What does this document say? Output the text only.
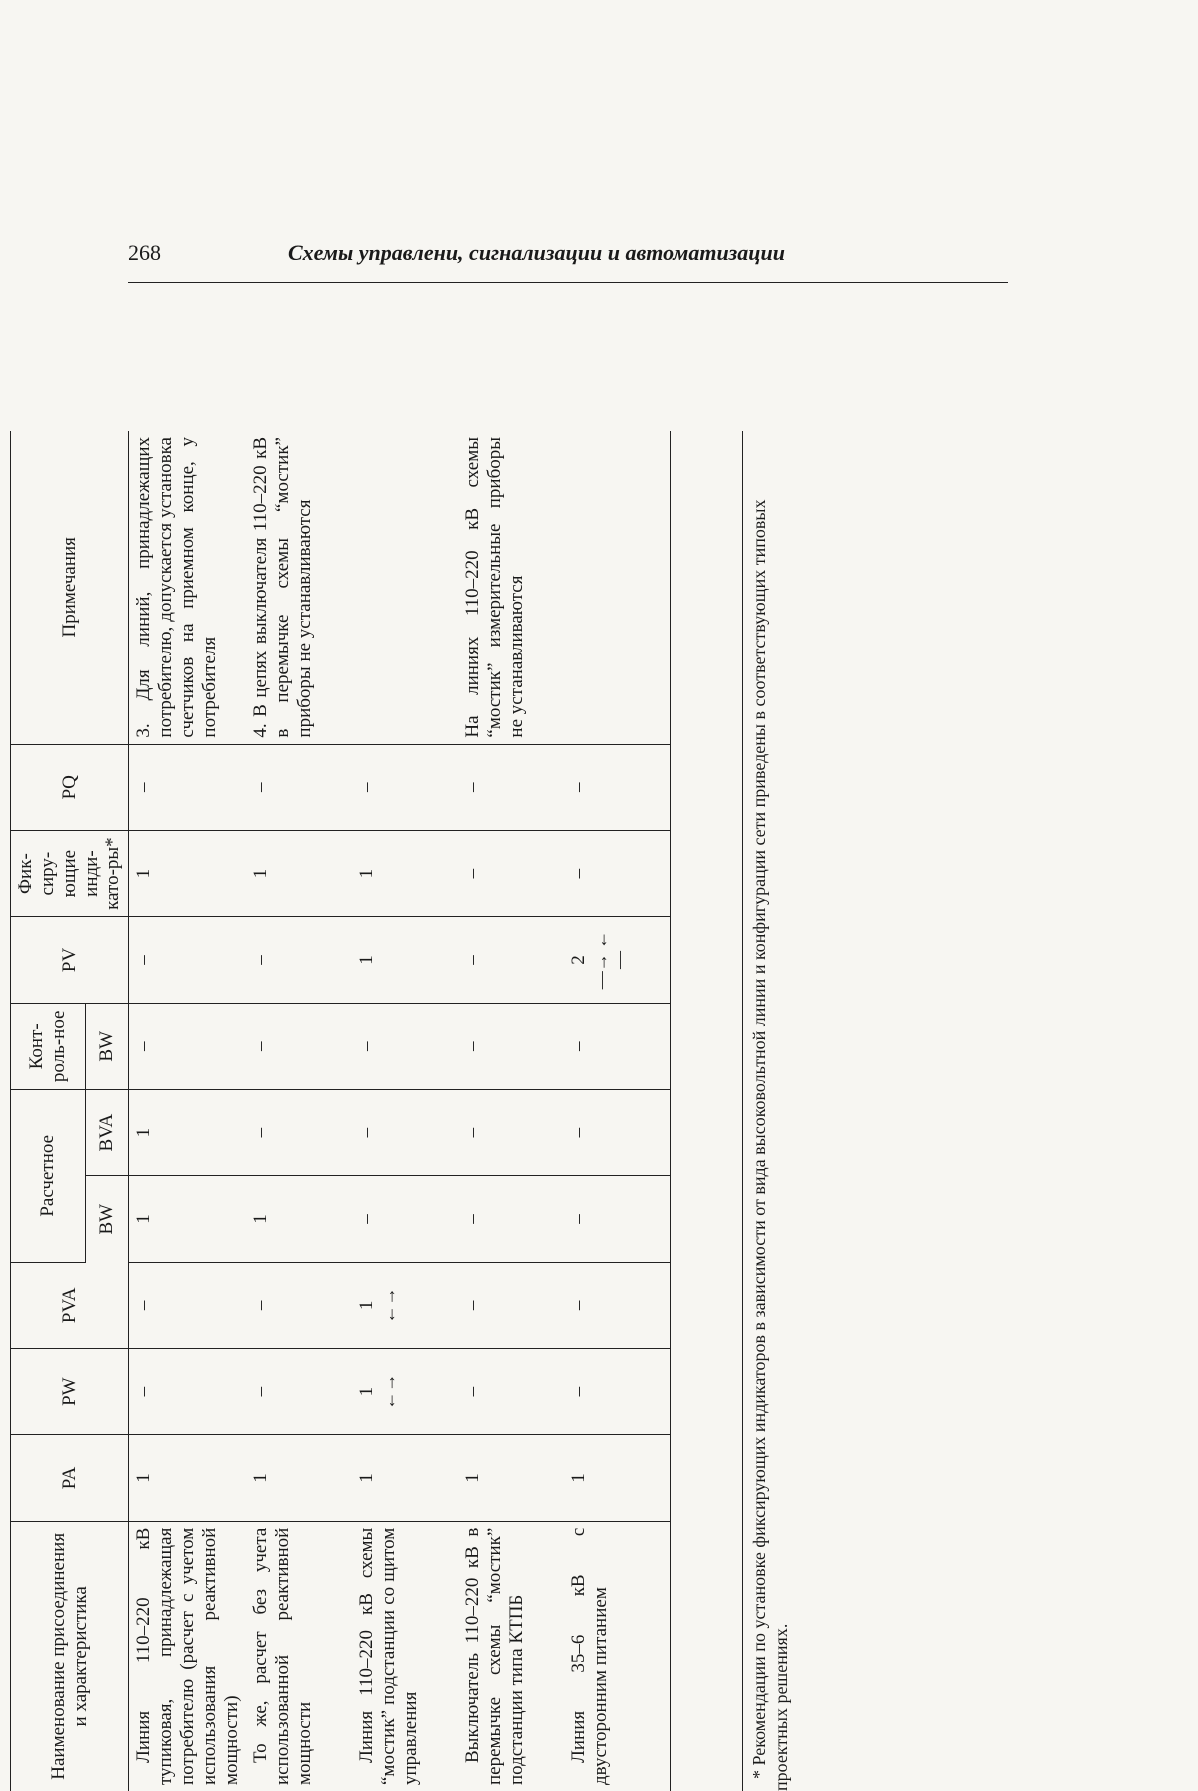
268	Схемы управлени, сигнализации и автоматизации
Наименование присоединения и характеристика	PA	PW	PVA	Расчетное		Конт-роль-ное	PV	Фик-сиру-ющие инди-като-ры*	PQ	Примечания
				BW	BVA	BW				
Линия 110–220 кВ тупиковая, принадлежащая потребителю (расчет с учетом использования реактивной мощности)	1	–	–	1	1	–	–	1	–	3. Для линий, принадлежащих потребителю, допускается установка счетчиков на приемном конце, у потребителя
То же, расчет без учета использованной реактивной мощности	1	–	–	1	–	–	–	1	–	4. В цепях выключателя 110–220 кВ в перемычке схемы “мостик” приборы не устанавливаются
Линия 110–220 кВ схемы “мостик” подстанции со щитом управления	1	1 ←→	1 ←→	–	–	–	1	1	–	
Выключатель 110–220 кВ в перемычке схемы “мостик” подстанции типа КТПБ	1	–	–	–	–	–	–	–	–	На линиях 110–220 кВ схемы “мостик” измерительные приборы не устанавливаются
Линия 35–6 кВ с двусторонним питанием	1	–	–	–	–	–	2 —→ ←—	–	–		* Рекомендации по установке фиксирующих индикаторов в зависимости от вида высоковольтной линии и конфигурации сети приведены в соответствующих типовых проектных решениях.
